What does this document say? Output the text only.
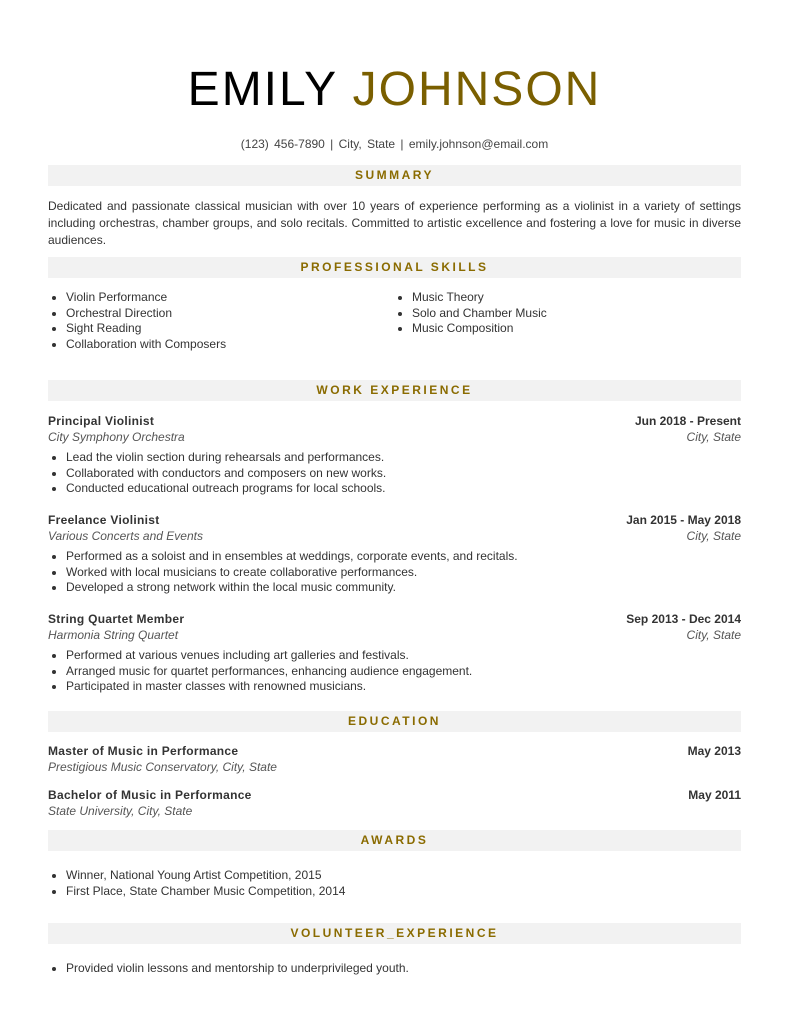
EMILY JOHNSON
(123) 456-7890 | City, State | emily.johnson@email.com
SUMMARY
Dedicated and passionate classical musician with over 10 years of experience performing as a violinist in a variety of settings including orchestras, chamber groups, and solo recitals. Committed to artistic excellence and fostering a love for music in diverse audiences.
PROFESSIONAL SKILLS
• Violin Performance
• Orchestral Direction
• Sight Reading
• Collaboration with Composers
• Music Theory
• Solo and Chamber Music
• Music Composition
WORK EXPERIENCE
Principal Violinist	Jun 2018 - Present
City Symphony Orchestra	City, State
• Lead the violin section during rehearsals and performances.
• Collaborated with conductors and composers on new works.
• Conducted educational outreach programs for local schools.
Freelance Violinist	Jan 2015 - May 2018
Various Concerts and Events	City, State
• Performed as a soloist and in ensembles at weddings, corporate events, and recitals.
• Worked with local musicians to create collaborative performances.
• Developed a strong network within the local music community.
String Quartet Member	Sep 2013 - Dec 2014
Harmonia String Quartet	City, State
• Performed at various venues including art galleries and festivals.
• Arranged music for quartet performances, enhancing audience engagement.
• Participated in master classes with renowned musicians.
EDUCATION
Master of Music in Performance	May 2013
Prestigious Music Conservatory, City, State
Bachelor of Music in Performance	May 2011
State University, City, State
AWARDS
• Winner, National Young Artist Competition, 2015
• First Place, State Chamber Music Competition, 2014
VOLUNTEER_EXPERIENCE
• Provided violin lessons and mentorship to underprivileged youth.
